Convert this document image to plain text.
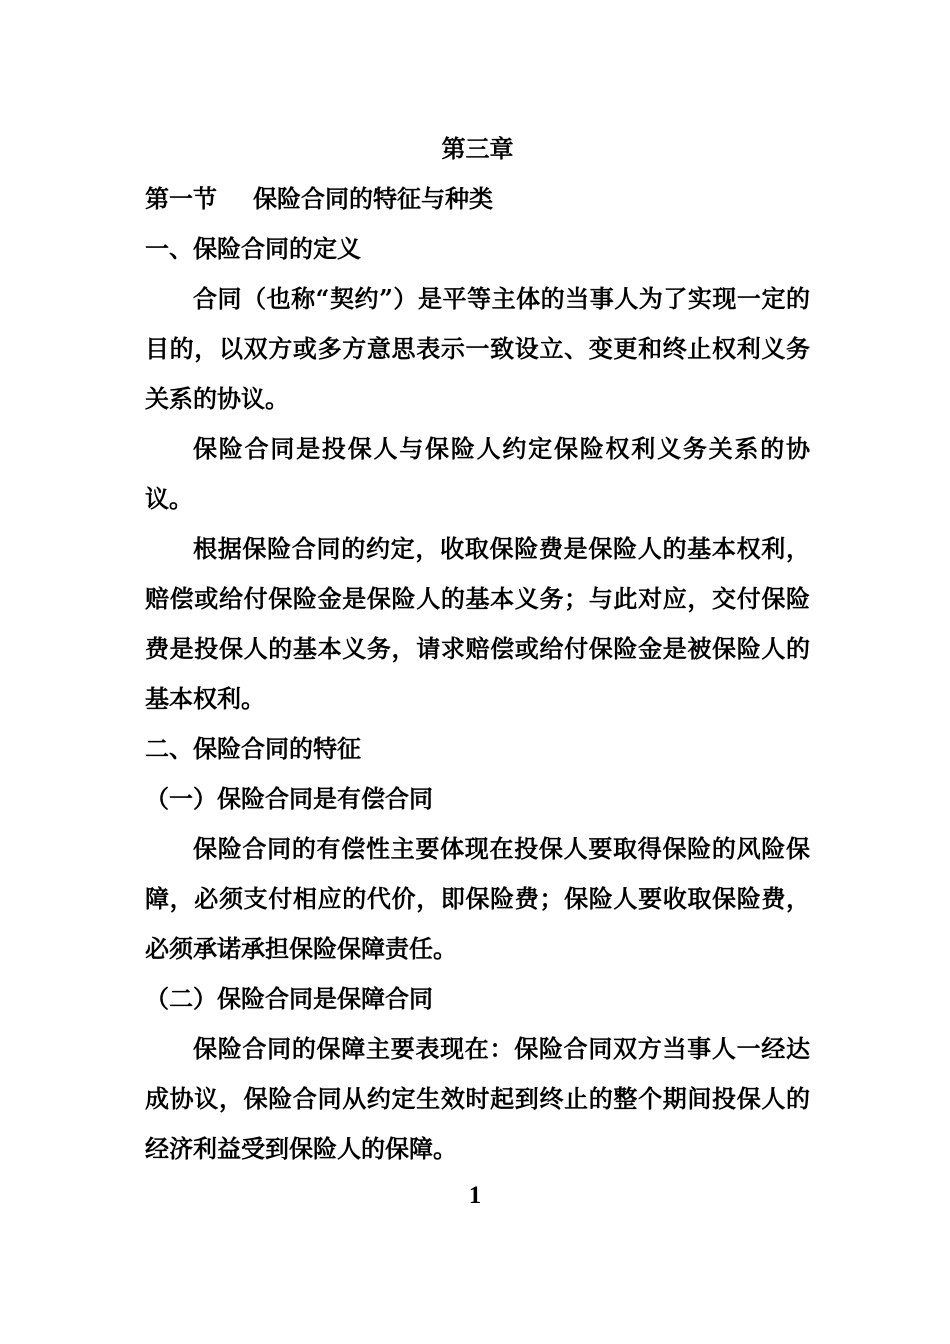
第三章
第一节 保险合同的特征与种类
一、保险合同的定义
合同（也称“契约”）是平等主体的当事人为了实现一定的目的，以双方或多方意思表示一致设立、变更和终止权利义务关系的协议。
保险合同是投保人与保险人约定保险权利义务关系的协议。
根据保险合同的约定，收取保险费是保险人的基本权利，赔偿或给付保险金是保险人的基本义务；与此对应，交付保险费是投保人的基本义务，请求赔偿或给付保险金是被保险人的基本权利。
二、保险合同的特征
（一）保险合同是有偿合同
保险合同的有偿性主要体现在投保人要取得保险的风险保障，必须支付相应的代价，即保险费；保险人要收取保险费，必须承诺承担保险保障责任。
（二）保险合同是保障合同
保险合同的保障主要表现在：保险合同双方当事人一经达成协议，保险合同从约定生效时起到终止的整个期间投保人的经济利益受到保险人的保障。
1
